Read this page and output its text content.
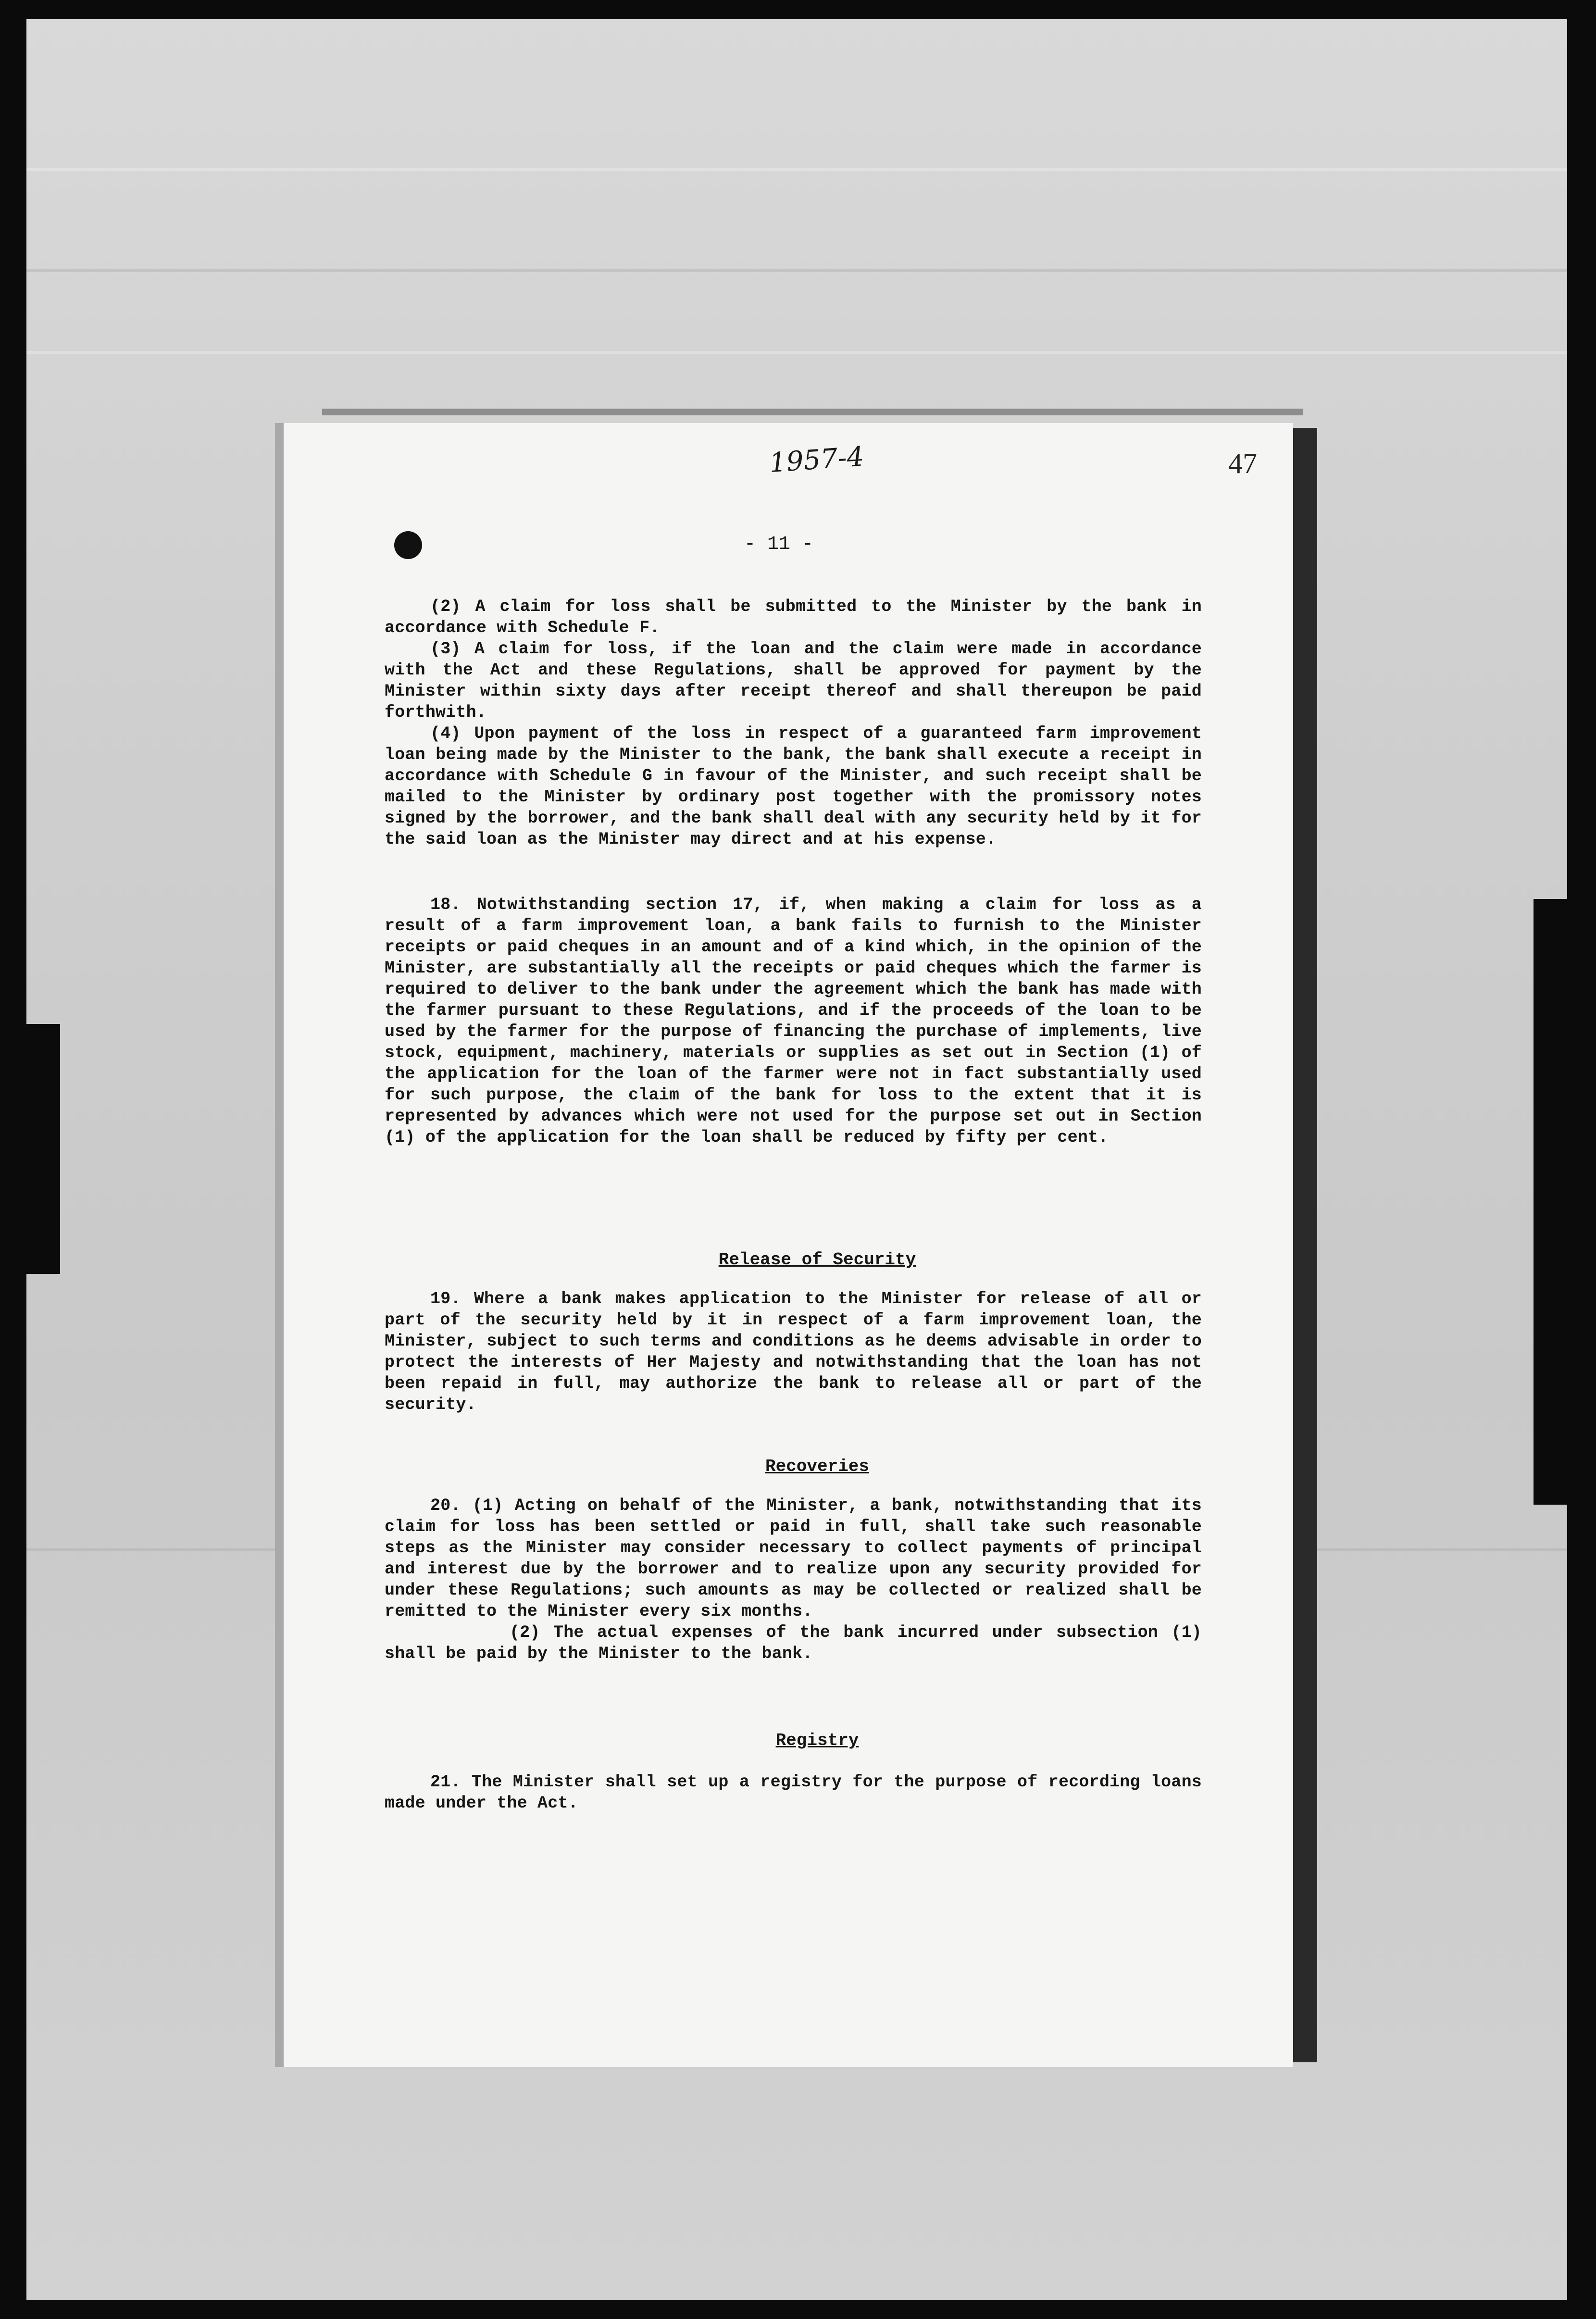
1957-4	47
- 11 -

(2) A claim for loss shall be submitted to the Minister by the bank in accordance with Schedule F.

(3) A claim for loss, if the loan and the claim were made in accordance with the Act and these Regulations, shall be approved for payment by the Minister within sixty days after receipt thereof and shall thereupon be paid forthwith.

(4) Upon payment of the loss in respect of a guaranteed farm improvement loan being made by the Minister to the bank, the bank shall execute a receipt in accordance with Schedule G in favour of the Minister, and such receipt shall be mailed to the Minister by ordinary post together with the promissory notes signed by the borrower, and the bank shall deal with any security held by it for the said loan as the Minister may direct and at his expense.

18. Notwithstanding section 17, if, when making a claim for loss as a result of a farm improvement loan, a bank fails to furnish to the Minister receipts or paid cheques in an amount and of a kind which, in the opinion of the Minister, are substantially all the receipts or paid cheques which the farmer is required to deliver to the bank under the agreement which the bank has made with the farmer pursuant to these Regulations, and if the proceeds of the loan to be used by the farmer for the purpose of financing the purchase of implements, live stock, equipment, machinery, materials or supplies as set out in Section (1) of the application for the loan of the farmer were not in fact substantially used for such purpose, the claim of the bank for loss to the extent that it is represented by advances which were not used for the purpose set out in Section (1) of the application for the loan shall be reduced by fifty per cent.

Release of Security

19. Where a bank makes application to the Minister for release of all or part of the security held by it in respect of a farm improvement loan, the Minister, subject to such terms and conditions as he deems advisable in order to protect the interests of Her Majesty and notwithstanding that the loan has not been repaid in full, may authorize the bank to release all or part of the security.

Recoveries

20. (1) Acting on behalf of the Minister, a bank, notwithstanding that its claim for loss has been settled or paid in full, shall take such reasonable steps as the Minister may consider necessary to collect payments of principal and interest due by the borrower and to realize upon any security provided for under these Regulations; such amounts as may be collected or realized shall be remitted to the Minister every six months.

(2) The actual expenses of the bank incurred under subsection (1) shall be paid by the Minister to the bank.

Registry

21. The Minister shall set up a registry for the purpose of recording loans made under the Act.
